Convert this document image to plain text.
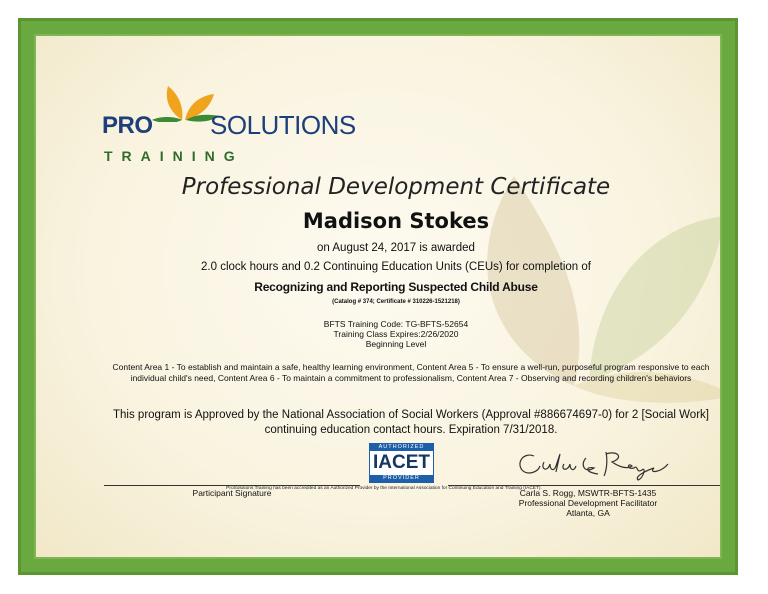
PRO SOLUTIONS
TRAINING
Professional Development Certificate
Madison Stokes
on August 24, 2017 is awarded
2.0 clock hours and 0.2 Continuing Education Units (CEUs) for completion of
Recognizing and Reporting Suspected Child Abuse
(Catalog # 374; Certificate # 310226-1521218)
BFTS Training Code: TG-BFTS-52654
Training Class Expires:2/26/2020
Beginning Level
Content Area 1 - To establish and maintain a safe, healthy learning environment, Content Area 5 - To ensure a well-run, purposeful program responsive to each individual child's need, Content Area 6 - To maintain a commitment to professionalism, Content Area 7 - Observing and recording children's behaviors
This program is Approved by the National Association of Social Workers (Approval #886674697-0) for 2 [Social Work]
continuing education contact hours. Expiration 7/31/2018.
AUTHORIZED
IACET
PROVIDER
Participant Signature	Carla S. Rogg, MSWTR-BFTS-1435
Professional Development Facilitator
Atlanta, GA
ProSolutions Training has been accredited as an Authorized Provider by the International Association for Continuing Education and Training (IACET).
